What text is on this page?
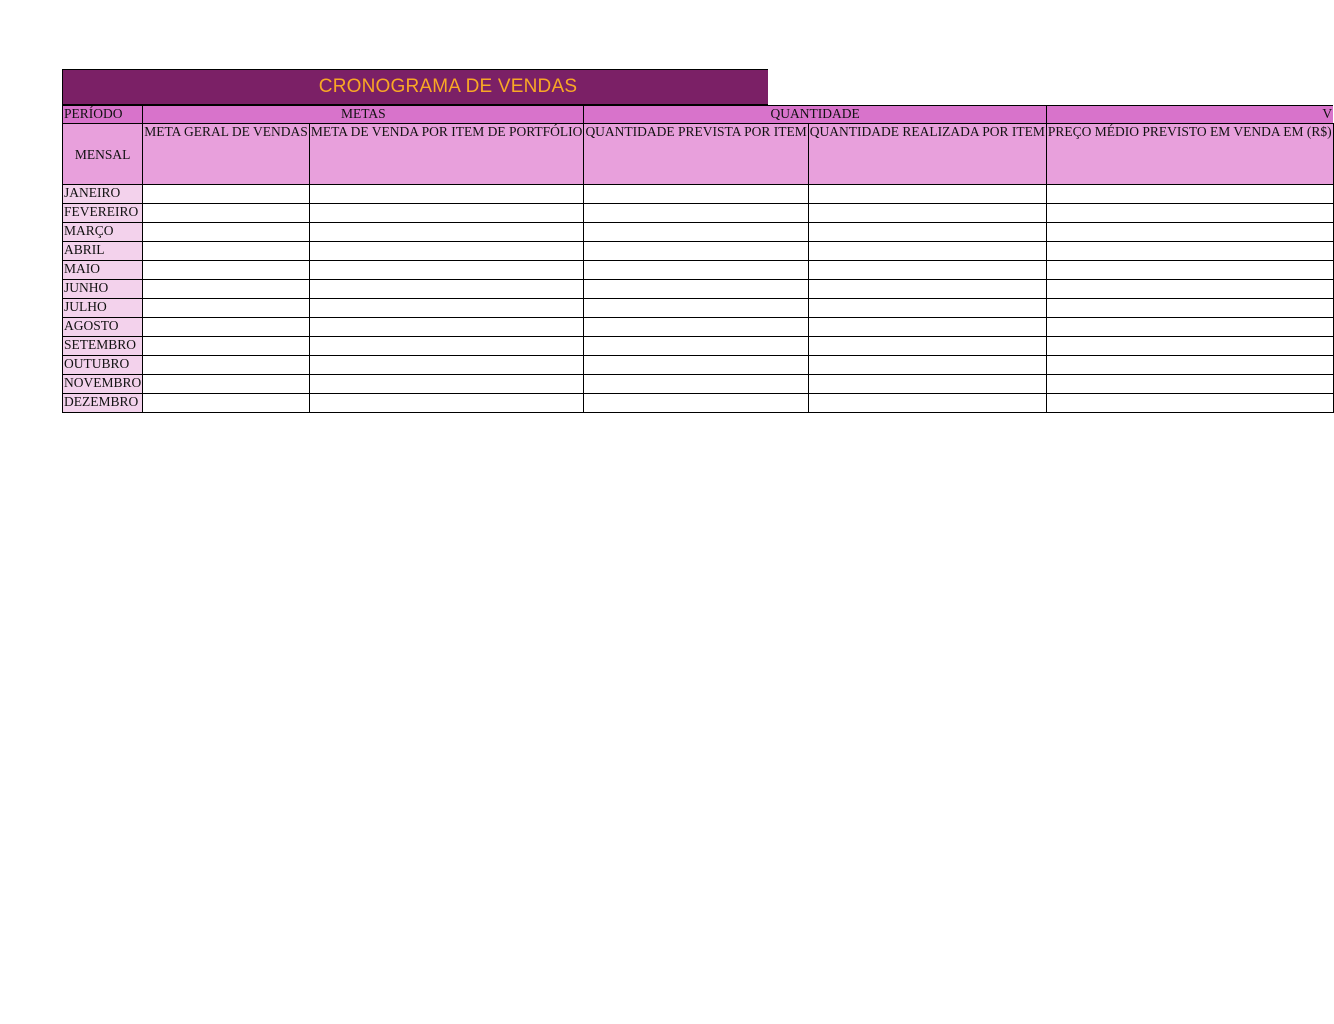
CRONOGRAMA DE VENDAS
PERÍODO	METAS		QUANTIDADE		V

MENSAL	META GERAL DE VENDAS	META DE VENDA POR ITEM DE PORTFÓLIO	QUANTIDADE PREVISTA POR ITEM	QUANTIDADE REALIZADA POR ITEM	PREÇO MÉDIO PREVISTO EM VENDA EM (R$)
JANEIRO					
FEVEREIRO					
MARÇO					
ABRIL					
MAIO					
JUNHO					
JULHO					
AGOSTO					
SETEMBRO					
OUTUBRO					
NOVEMBRO					
DEZEMBRO					
